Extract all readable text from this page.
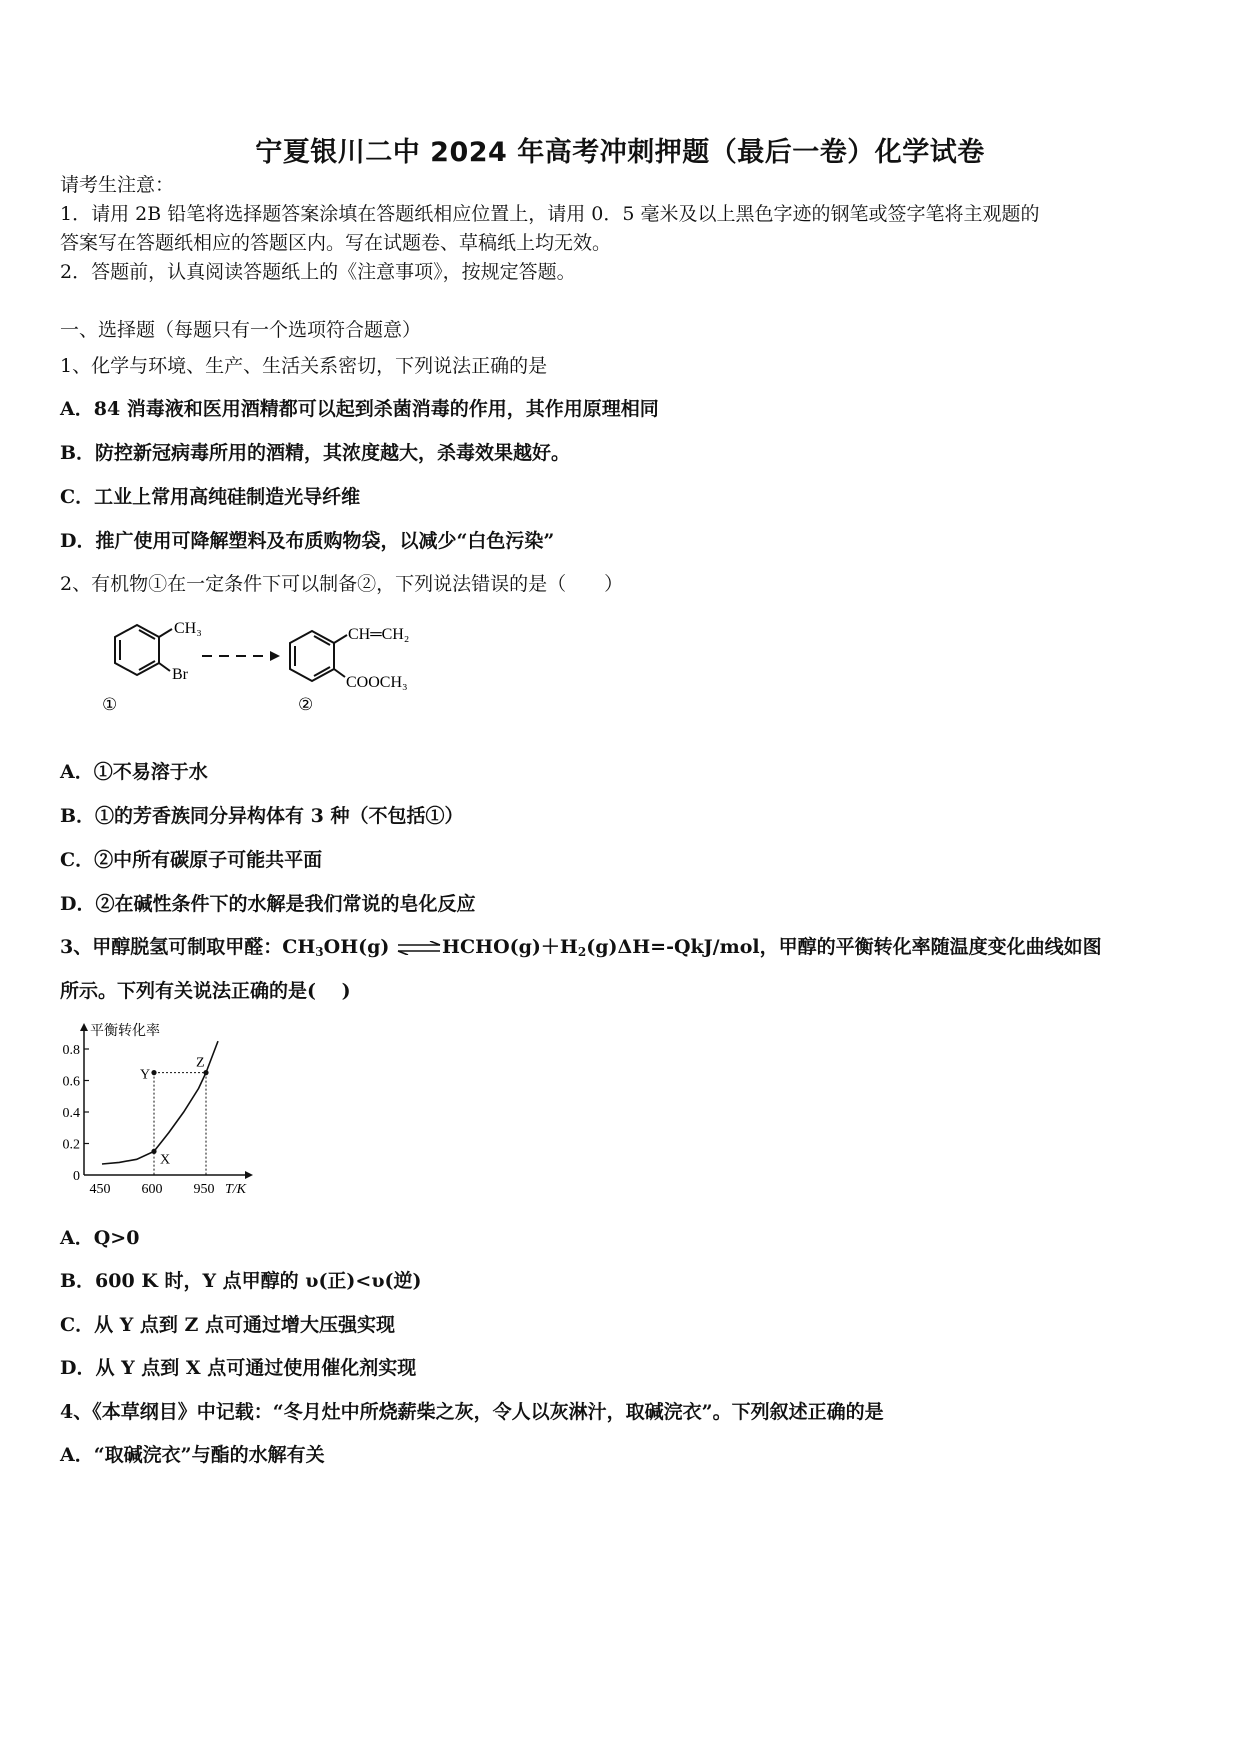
宁夏银川二中 2024 年高考冲刺押题（最后一卷）化学试卷
请考生注意：
1．请用 2B 铅笔将选择题答案涂填在答题纸相应位置上，请用 0．5 毫米及以上黑色字迹的钢笔或签字笔将主观题的
答案写在答题纸相应的答题区内。写在试题卷、草稿纸上均无效。
2．答题前，认真阅读答题纸上的《注意事项》，按规定答题。
一、选择题（每题只有一个选项符合题意）
1、化学与环境、生产、生活关系密切，下列说法正确的是
A．84 消毒液和医用酒精都可以起到杀菌消毒的作用，其作用原理相同
B．防控新冠病毒所用的酒精，其浓度越大，杀毒效果越好。
C．工业上常用高纯硅制造光导纤维
D．推广使用可降解塑料及布质购物袋，以减少“白色污染”
2、有机物①在一定条件下可以制备②，下列说法错误的是（　　）
CH₃
Br
①
CH═CH₂
COOCH₃
②
A．①不易溶于水
B．①的芳香族同分异构体有 3 种（不包括①）
C．②中所有碳原子可能共平面
D．②在碱性条件下的水解是我们常说的皂化反应
3、甲醇脱氢可制取甲醛：$CH_3OH(g)$ $\rightleftharpoons HCHO(g)+H_2(g)\Delta H=-QkJ$/mol，甲醇的平衡转化率随温度变化曲线如图
所示。下列有关说法正确的是(　 )
平衡转化率
T/K
0
0.2
0.4
0.6
0.8
450 600 950
X
Y
Z
A．Q>0
B．600 K 时，Y 点甲醇的 υ(正)<υ(逆)
C．从 Y 点到 Z 点可通过增大压强实现
D．从 Y 点到 X 点可通过使用催化剂实现
4、《本草纲目》中记载：“冬月灶中所烧薪柴之灰，令人以灰淋汁，取碱浣衣”。下列叙述正确的是
A．“取碱浣衣”与酯的水解有关
